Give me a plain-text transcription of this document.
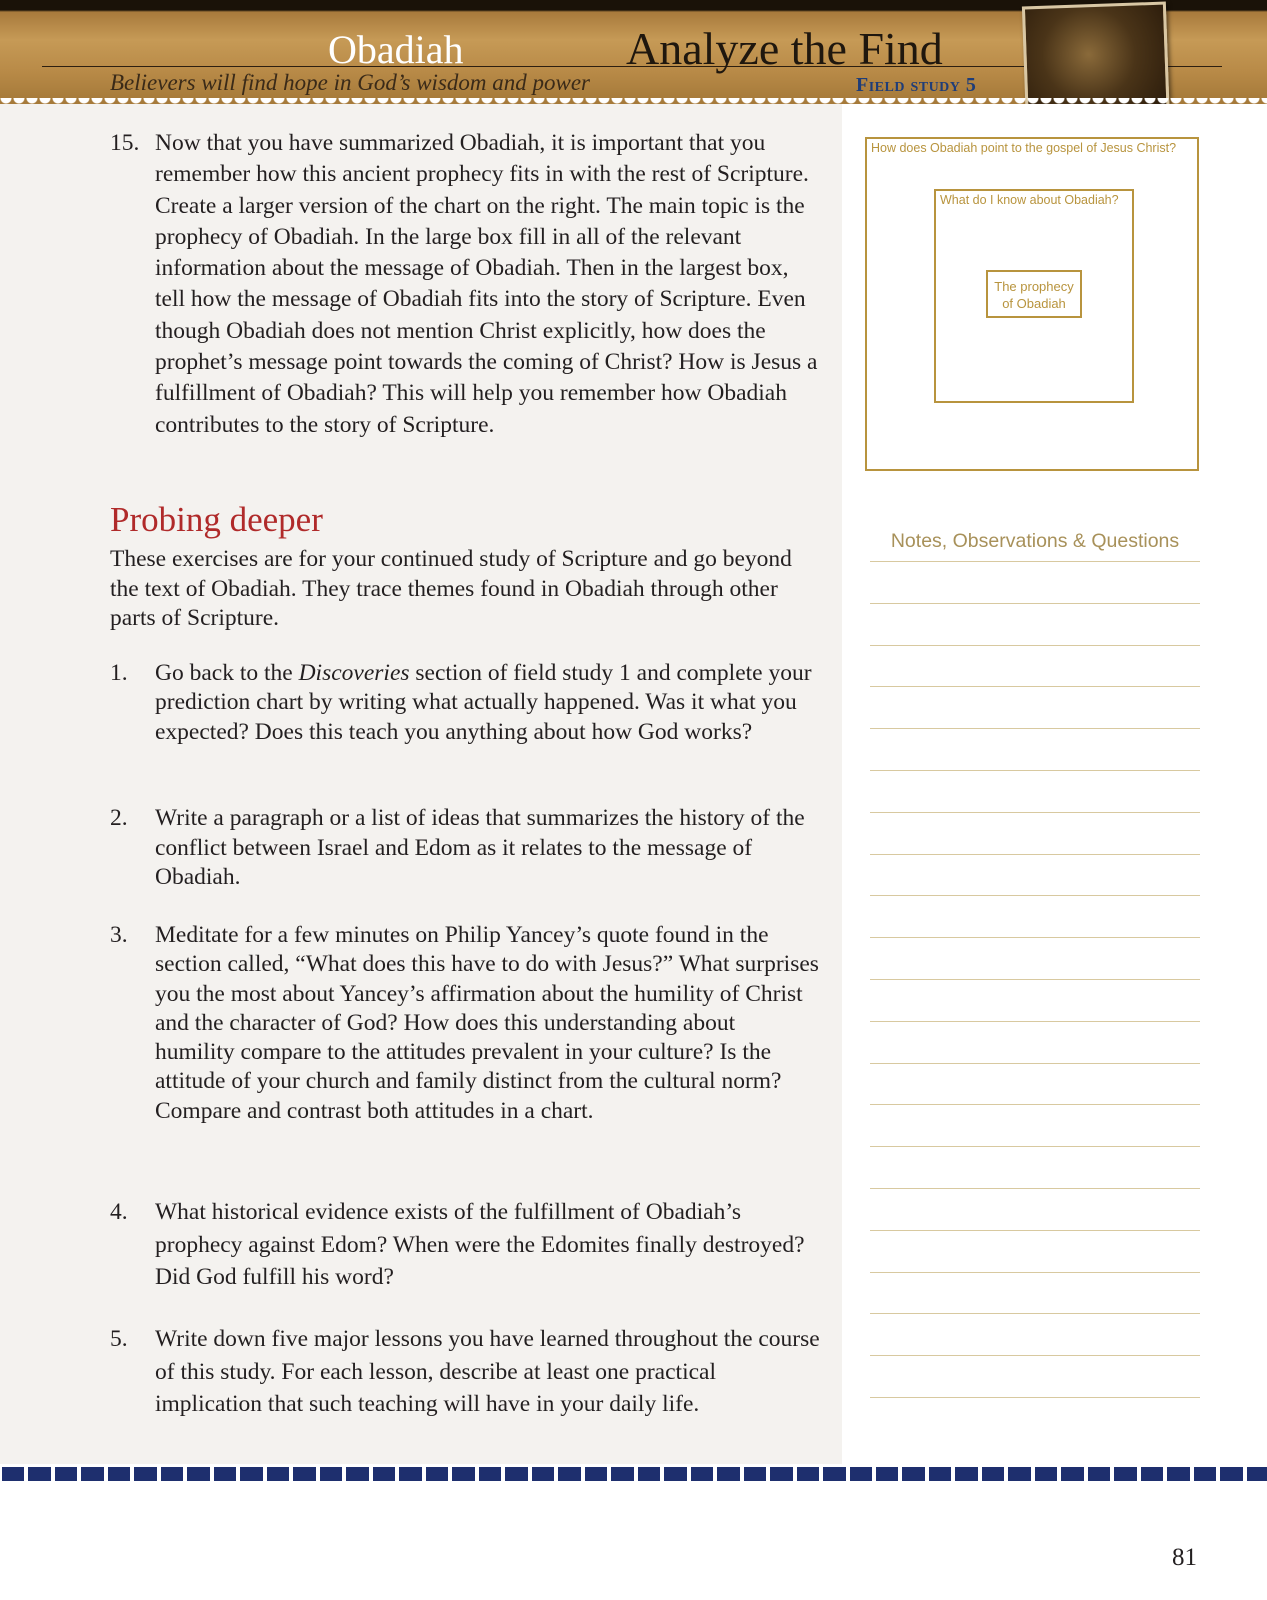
Obadiah
Believers will find hope in God’s wisdom and power
Analyze the Find
Field study 5
15. Now that you have summarized Obadiah, it is important that you remember how this ancient prophecy fits in with the rest of Scripture. Create a larger version of the chart on the right. The main topic is the prophecy of Obadiah. In the large box fill in all of the relevant information about the message of Obadiah. Then in the largest box, tell how the message of Obadiah fits into the story of Scripture. Even though Obadiah does not mention Christ explicitly, how does the prophet’s message point towards the coming of Christ? How is Jesus a fulfillment of Obadiah? This will help you remember how Obadiah contributes to the story of Scripture.
Probing deeper
These exercises are for your continued study of Scripture and go beyond the text of Obadiah. They trace themes found in Obadiah through other parts of Scripture.
1. Go back to the Discoveries section of field study 1 and complete your prediction chart by writing what actually happened. Was it what you expected? Does this teach you anything about how God works?
2. Write a paragraph or a list of ideas that summarizes the history of the conflict between Israel and Edom as it relates to the message of Obadiah.
3. Meditate for a few minutes on Philip Yancey’s quote found in the section called, “What does this have to do with Jesus?” What surprises you the most about Yancey’s affirmation about the humility of Christ and the character of God? How does this understanding about humility compare to the attitudes prevalent in your culture? Is the attitude of your church and family distinct from the cultural norm? Compare and contrast both attitudes in a chart.
4. What historical evidence exists of the fulfillment of Obadiah’s prophecy against Edom? When were the Edomites finally destroyed? Did God fulfill his word?
5. Write down five major lessons you have learned throughout the course of this study. For each lesson, describe at least one practical implication that such teaching will have in your daily life.
How does Obadiah point to the gospel of Jesus Christ?
What do I know about Obadiah?
The prophecy of Obadiah
Notes, Observations & Questions
81
